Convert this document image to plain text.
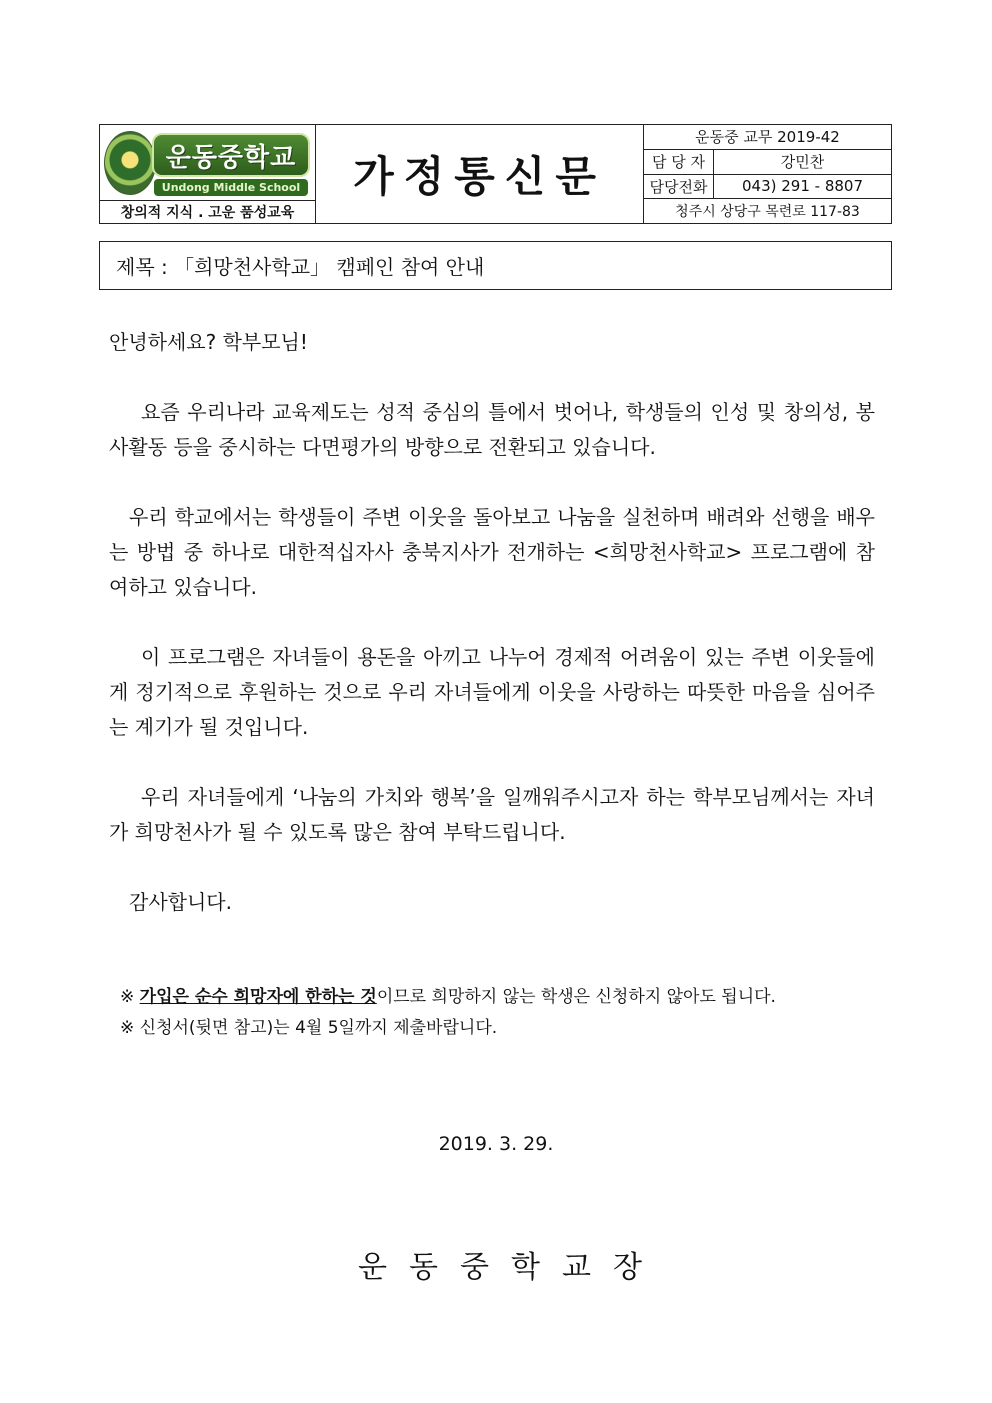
운동중학교
Undong Middle School
창의적 지식 . 고운 품성교육
가정통신문
운동중 교무 2019-42
담 당 자	강민찬
담당전화	043) 291 - 8807
청주시 상당구 목련로 117-83
제목 : 「희망천사학교」 캠페인 참여 안내

안녕하세요? 학부모님!

요즘 우리나라 교육제도는 성적 중심의 틀에서 벗어나, 학생들의 인성 및 창의성, 봉사활동 등을 중시하는 다면평가의 방향으로 전환되고 있습니다.

우리 학교에서는 학생들이 주변 이웃을 돌아보고 나눔을 실천하며 배려와 선행을 배우는 방법 중 하나로 대한적십자사 충북지사가 전개하는 <희망천사학교> 프로그램에 참여하고 있습니다.

이 프로그램은 자녀들이 용돈을 아끼고 나누어 경제적 어려움이 있는 주변 이웃들에게 정기적으로 후원하는 것으로 우리 자녀들에게 이웃을 사랑하는 따뜻한 마음을 심어주는 계기가 될 것입니다.

우리 자녀들에게 ‘나눔의 가치와 행복’을 일깨워주시고자 하는 학부모님께서는 자녀가 희망천사가 될 수 있도록 많은 참여 부탁드립니다.

감사합니다.

※ 가입은 순수 희망자에 한하는 것이므로 희망하지 않는 학생은 신청하지 않아도 됩니다.
※ 신청서(뒷면 참고)는 4월 5일까지 제출바랍니다.
2019. 3. 29.
운동중학교장
